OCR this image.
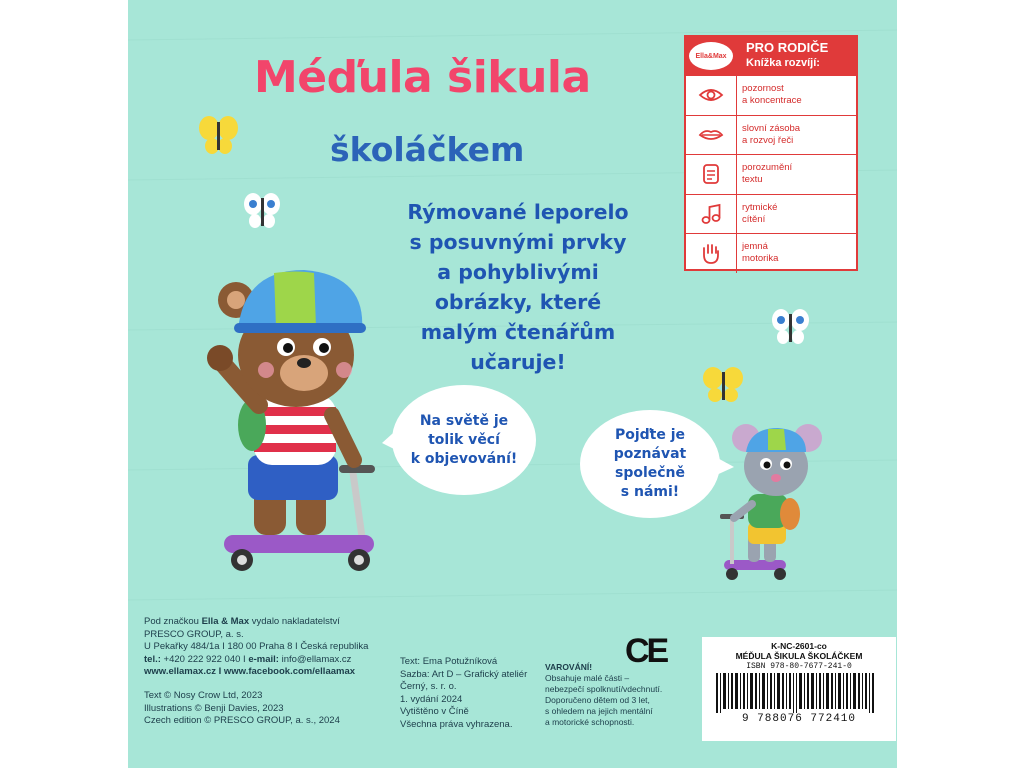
Méďula šikula
školáčkem
Rýmované leporelo
s posuvnými prvky
a pohyblivými
obrázky, které
malým čtenářům
učaruje!
Na světě je
tolik věcí
k objevování!
Pojďte je
poznávat
společně
s námi!
Ella&Max
PRO RODIČE
Knížka rozvíjí:
pozornost
a koncentrace
slovní zásoba
a rozvoj řeči
porozumění
textu
rytmické
cítění
jemná
motorika
Pod značkou Ella & Max vydalo nakladatelství
PRESCO GROUP, a. s.
U Pekařky 484/1a I 180 00 Praha 8 I Česká republika
tel.: +420 222 922 040 I e-mail: info@ellamax.cz
www.ellamax.cz I www.facebook.com/ellaamax
Text © Nosy Crow Ltd, 2023
Illustrations © Benji Davies, 2023
Czech edition © PRESCO GROUP, a. s., 2024
Text: Ema Potužníková
Sazba: Art D – Grafický ateliér
Černý, s. r. o.
1. vydání 2024
Vytištěno v Číně
Všechna práva vyhrazena.
VAROVÁNÍ!
Obsahuje malé části –
nebezpečí spolknutí/vdechnutí.
Doporučeno dětem od 3 let,
s ohledem na jejich mentální
a motorické schopnosti.
CE	K-NC-2601-co
MÉĎULA ŠIKULA ŠKOLÁČKEM
ISBN 978-80-7677-241-0
9 788076 772410
